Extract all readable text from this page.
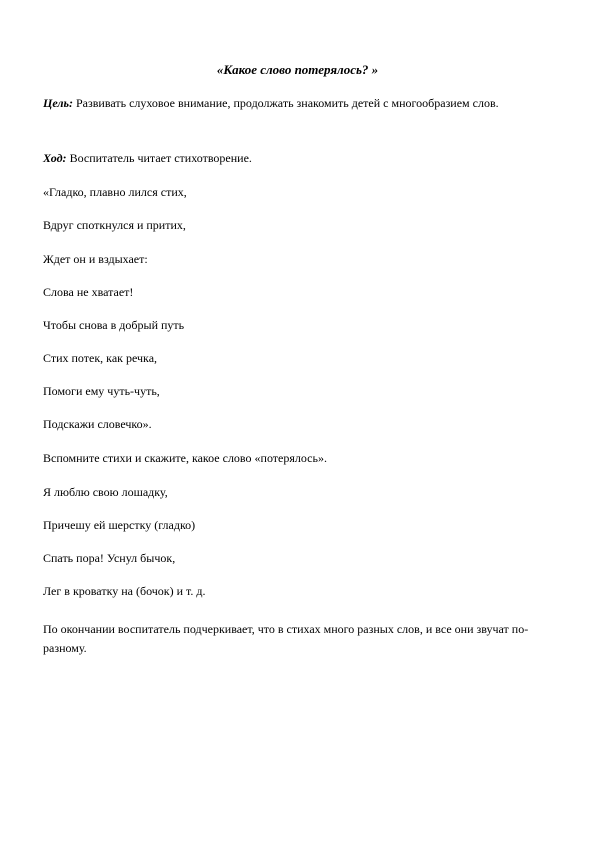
«Какое слово потерялось? »

Цель: Развивать слуховое внимание, продолжать знакомить детей с многообразием слов.

Ход: Воспитатель читает стихотворение.

«Гладко, плавно лился стих,

Вдруг споткнулся и притих,

Ждет он и вздыхает:

Слова не хватает!

Чтобы снова в добрый путь

Стих потек, как речка,

Помоги ему чуть-чуть,

Подскажи словечко».

Вспомните стихи и скажите, какое слово «потерялось».

Я люблю свою лошадку,

Причешу ей шерстку (гладко)

Спать пора! Уснул бычок,

Лег в кроватку на (бочок) и т. д.

По окончании воспитатель подчеркивает, что в стихах много разных слов, и все они звучат по-разному.
